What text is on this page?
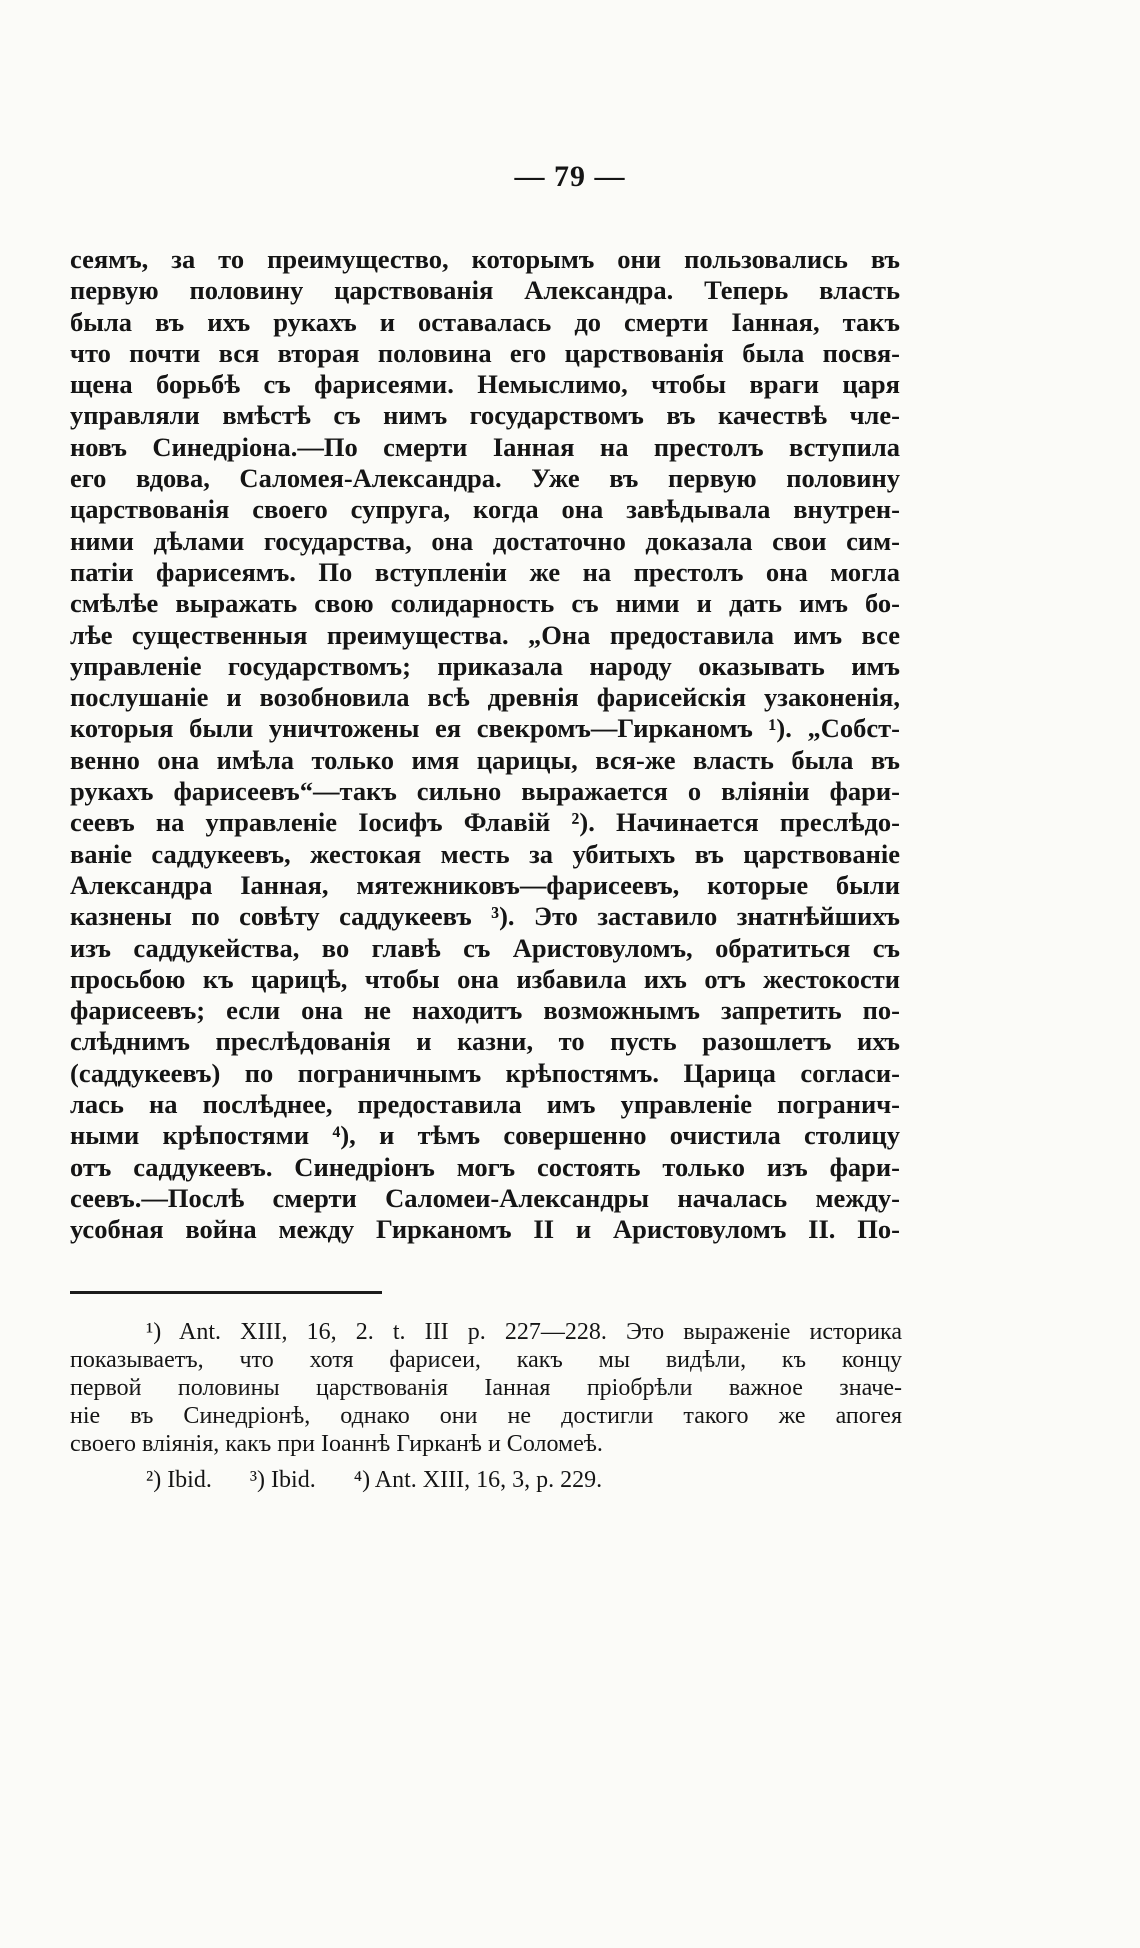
— 79 —
сеямъ, за то преимущество, которымъ они пользовались въ
первую половину царствованія Александра. Теперь власть
была въ ихъ рукахъ и оставалась до смерти Іанная, такъ
что почти вся вторая половина его царствованія была посвя-
щена борьбѣ съ фарисеями. Немыслимо, чтобы враги царя
управляли вмѣстѣ съ нимъ государствомъ въ качествѣ чле-
новъ Синедріона.—По смерти Іанная на престолъ вступила
его вдова, Саломея-Александра. Уже въ первую половину
царствованія своего супруга, когда она завѣдывала внутрен-
ними дѣлами государства, она достаточно доказала свои сим-
патіи фарисеямъ. По вступленіи же на престолъ она могла
смѣлѣе выражать свою солидарность съ ними и дать имъ бо-
лѣе существенныя преимущества. „Она предоставила имъ все
управленіе государствомъ; приказала народу оказывать имъ
послушаніе и возобновила всѣ древнія фарисейскія узаконенія,
которыя были уничтожены ея свекромъ—Гирканомъ ¹). „Собст-
венно она имѣла только имя царицы, вся-же власть была въ
рукахъ фарисеевъ“—такъ сильно выражается о вліяніи фари-
сеевъ на управленіе Іосифъ Флавій ²). Начинается преслѣдо-
ваніе саддукеевъ, жестокая месть за убитыхъ въ царствованіе
Александра Іанная, мятежниковъ—фарисеевъ, которые были
казнены по совѣту саддукеевъ ³). Это заставило знатнѣйшихъ
изъ саддукейства, во главѣ съ Аристовуломъ, обратиться съ
просьбою къ царицѣ, чтобы она избавила ихъ отъ жестокости
фарисеевъ; если она не находитъ возможнымъ запретить по-
слѣднимъ преслѣдованія и казни, то пусть разошлетъ ихъ
(саддукеевъ) по пограничнымъ крѣпостямъ. Царица согласи-
лась на послѣднее, предоставила имъ управленіе погранич-
ными крѣпостями ⁴), и тѣмъ совершенно очистила столицу
отъ саддукеевъ. Синедріонъ могъ состоять только изъ фари-
сеевъ.—Послѣ смерти Саломеи-Александры началась между-
усобная война между Гирканомъ II и Аристовуломъ II. По-
¹) Ant. XIII, 16, 2. t. III p. 227—228. Это выраженіе историка
показываетъ, что хотя фарисеи, какъ мы видѣли, къ концу
первой половины царствованія Іанная пріобрѣли важное значе-
ніе въ Синедріонѣ, однако они не достигли такого же апогея
своего вліянія, какъ при Іоаннѣ Гирканѣ и Соломеѣ.
²) Ibid. ³) Ibid. ⁴) Ant. XIII, 16, 3, p. 229.
